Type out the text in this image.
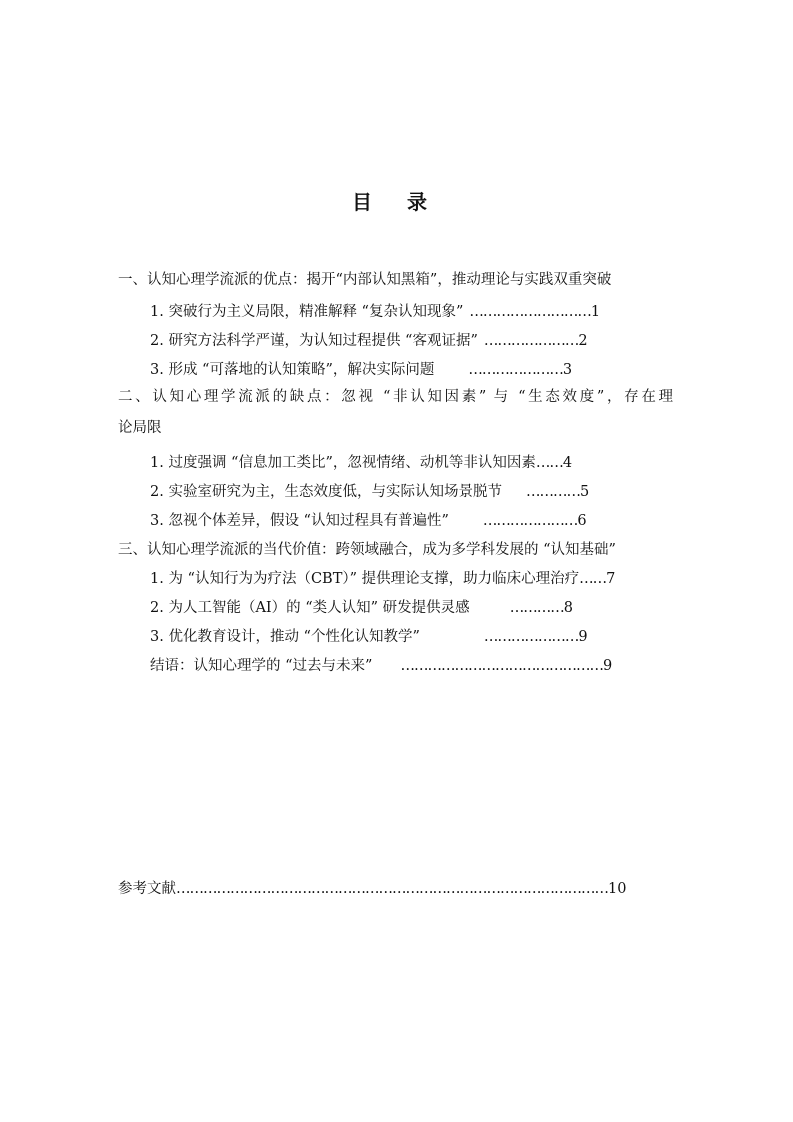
目 录
一、认知心理学流派的优点：揭开“内部认知黑箱”，推动理论与实践双重突破
1. 突破行为主义局限，精准解释 “复杂认知现象” ……………………… 1
2. 研究方法科学严谨，为认知过程提供 “客观证据” ………………… 2
3. 形成 “可落地的认知策略”，解决实际问题 ………………… 3
二、认知心理学流派的缺点：忽视 “非认知因素” 与 “生态效度”，存在理
论局限
1. 过度强调 “信息加工类比”，忽视情绪、动机等非认知因素 …… 4
2. 实验室研究为主，生态效度低，与实际认知场景脱节 ………… 5
3. 忽视个体差异，假设 “认知过程具有普遍性” ………………… 6
三、认知心理学流派的当代价值：跨领域融合，成为多学科发展的 “认知基础”
1. 为 “认知行为为疗法（CBT）” 提供理论支撑，助力临床心理治疗 …… 7
2. 为人工智能（AI）的 “类人认知” 研发提供灵感	………… 8
3. 优化教育设计，推动 “个性化认知教学”	………………… 9
结语：认知心理学的 “过去与未来” ……………………………………… 9
参考文献 …………………………………………………………………………………… 10
